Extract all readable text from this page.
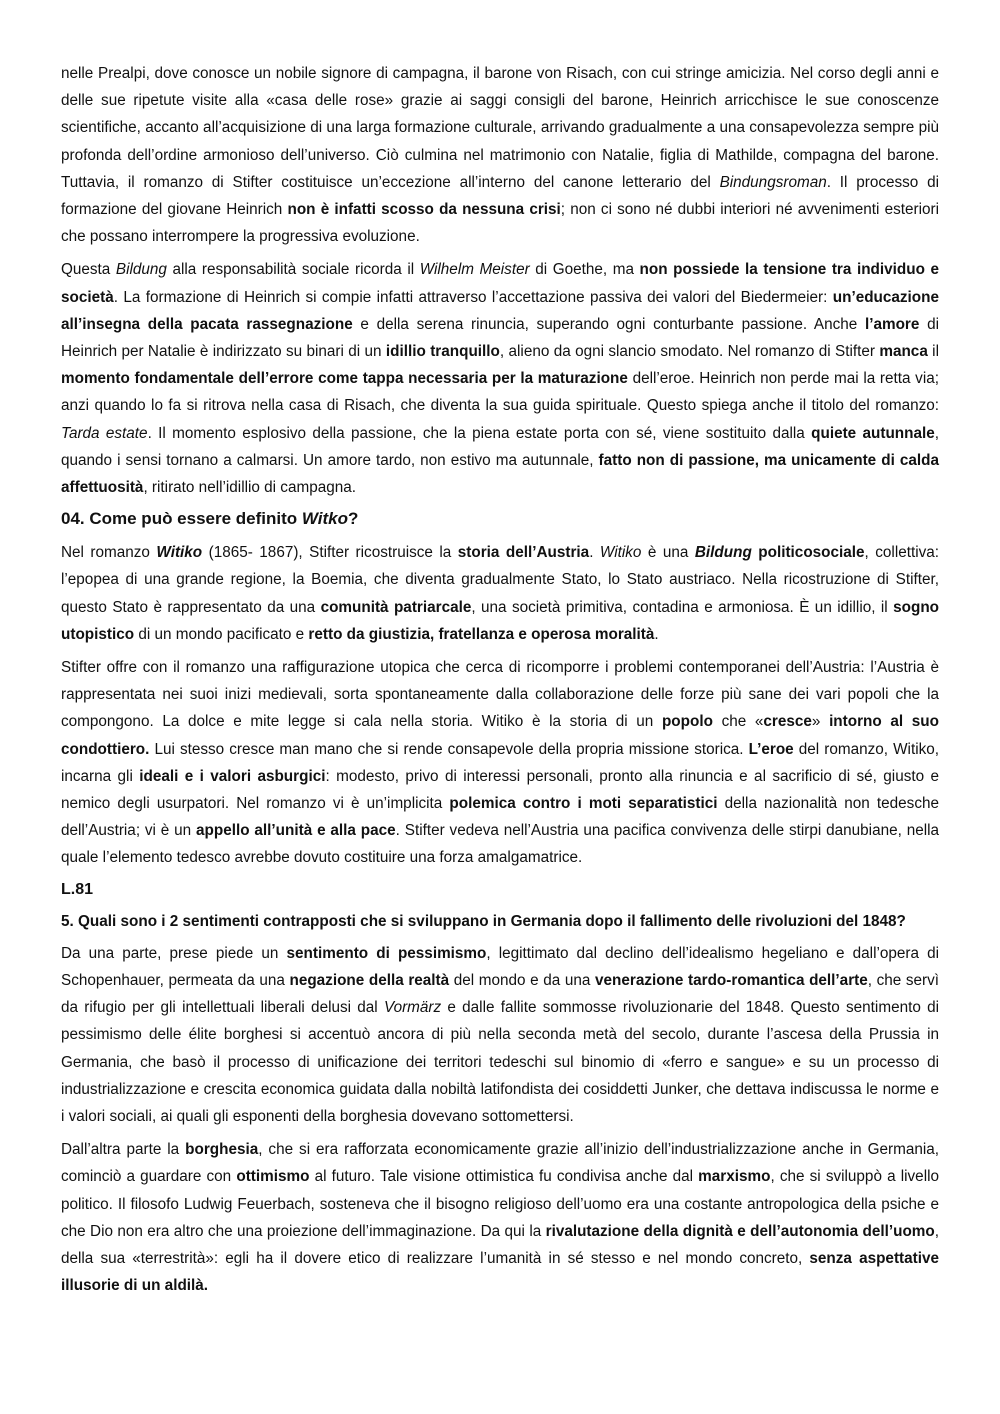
nelle Prealpi, dove conosce un nobile signore di campagna, il barone von Risach, con cui stringe amicizia. Nel corso degli anni e delle sue ripetute visite alla «casa delle rose» grazie ai saggi consigli del barone, Heinrich arricchisce le sue conoscenze scientifiche, accanto all’acquisizione di una larga formazione culturale, arrivando gradualmente a una consapevolezza sempre più profonda dell’ordine armonioso dell’universo. Ciò culmina nel matrimonio con Natalie, figlia di Mathilde, compagna del barone. Tuttavia, il romanzo di Stifter costituisce un’eccezione all’interno del canone letterario del Bindungsroman. Il processo di formazione del giovane Heinrich non è infatti scosso da nessuna crisi; non ci sono né dubbi interiori né avvenimenti esteriori che possano interrompere la progressiva evoluzione.

Questa Bildung alla responsabilità sociale ricorda il Wilhelm Meister di Goethe, ma non possiede la tensione tra individuo e società. La formazione di Heinrich si compie infatti attraverso l’accettazione passiva dei valori del Biedermeier: un’educazione all’insegna della pacata rassegnazione e della serena rinuncia, superando ogni conturbante passione. Anche l’amore di Heinrich per Natalie è indirizzato su binari di un idillio tranquillo, alieno da ogni slancio smodato. Nel romanzo di Stifter manca il momento fondamentale dell’errore come tappa necessaria per la maturazione dell’eroe. Heinrich non perde mai la retta via; anzi quando lo fa si ritrova nella casa di Risach, che diventa la sua guida spirituale. Questo spiega anche il titolo del romanzo: Tarda estate. Il momento esplosivo della passione, che la piena estate porta con sé, viene sostituito dalla quiete autunnale, quando i sensi tornano a calmarsi. Un amore tardo, non estivo ma autunnale, fatto non di passione, ma unicamente di calda affettuosità, ritirato nell’idillio di campagna.

04. Come può essere definito Witko?

Nel romanzo Witiko (1865- 1867), Stifter ricostruisce la storia dell’Austria. Witiko è una Bildung politicosociale, collettiva: l’epopea di una grande regione, la Boemia, che diventa gradualmente Stato, lo Stato austriaco. Nella ricostruzione di Stifter, questo Stato è rappresentato da una comunità patriarcale, una società primitiva, contadina e armoniosa. È un idillio, il sogno utopistico di un mondo pacificato e retto da giustizia, fratellanza e operosa moralità.

Stifter offre con il romanzo una raffigurazione utopica che cerca di ricomporre i problemi contemporanei dell’Austria: l’Austria è rappresentata nei suoi inizi medievali, sorta spontaneamente dalla collaborazione delle forze più sane dei vari popoli che la compongono. La dolce e mite legge si cala nella storia. Witiko è la storia di un popolo che «cresce» intorno al suo condottiero. Lui stesso cresce man mano che si rende consapevole della propria missione storica. L’eroe del romanzo, Witiko, incarna gli ideali e i valori asburgici: modesto, privo di interessi personali, pronto alla rinuncia e al sacrificio di sé, giusto e nemico degli usurpatori. Nel romanzo vi è un’implicita polemica contro i moti separatistici della nazionalità non tedesche dell’Austria; vi è un appello all’unità e alla pace. Stifter vedeva nell’Austria una pacifica convivenza delle stirpi danubiane, nella quale l’elemento tedesco avrebbe dovuto costituire una forza amalgamatrice.

L.81
5. Quali sono i 2 sentimenti contrapposti che si sviluppano in Germania dopo il fallimento delle rivoluzioni del 1848?

Da una parte, prese piede un sentimento di pessimismo, legittimato dal declino dell’idealismo hegeliano e dall’opera di Schopenhauer, permeata da una negazione della realtà del mondo e da una venerazione tardo-romantica dell’arte, che servì da rifugio per gli intellettuali liberali delusi dal Vormärz e dalle fallite sommosse rivoluzionarie del 1848. Questo sentimento di pessimismo delle élite borghesi si accentuò ancora di più nella seconda metà del secolo, durante l’ascesa della Prussia in Germania, che basò il processo di unificazione dei territori tedeschi sul binomio di «ferro e sangue» e su un processo di industrializzazione e crescita economica guidata dalla nobiltà latifondista dei cosiddetti Junker, che dettava indiscussa le norme e i valori sociali, ai quali gli esponenti della borghesia dovevano sottomettersi.

Dall’altra parte la borghesia, che si era rafforzata economicamente grazie all’inizio dell’industrializzazione anche in Germania, cominciò a guardare con ottimismo al futuro. Tale visione ottimistica fu condivisa anche dal marxismo, che si sviluppò a livello politico. Il filosofo Ludwig Feuerbach, sosteneva che il bisogno religioso dell’uomo era una costante antropologica della psiche e che Dio non era altro che una proiezione dell’immaginazione. Da qui la rivalutazione della dignità e dell’autonomia dell’uomo, della sua «terrestrità»: egli ha il dovere etico di realizzare l’umanità in sé stesso e nel mondo concreto, senza aspettative illusorie di un aldilà.
